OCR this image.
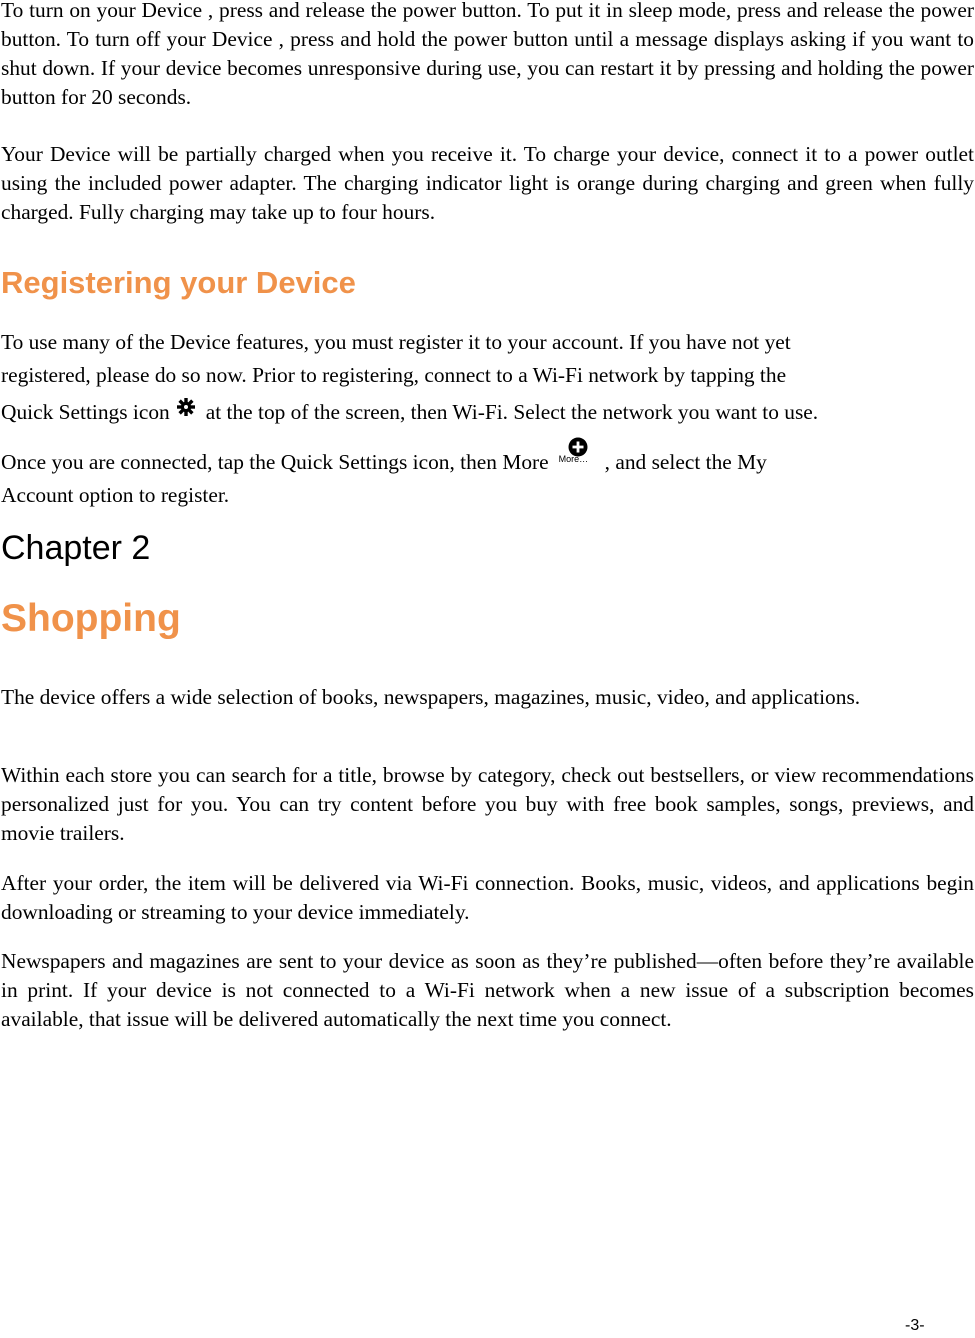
To turn on your Device , press and release the power button. To put it in sleep mode, press and release the power button. To turn off your Device , press and hold the power button until a message displays asking if you want to shut down. If your device becomes unresponsive during use, you can restart it by pressing and holding the power button for 20 seconds.

Your Device will be partially charged when you receive it. To charge your device, connect it to a power outlet using the included power adapter. The charging indicator light is orange during charging and green when fully charged. Fully charging may take up to four hours.

Registering your Device
To use many of the Device features, you must register it to your account. If you have not yet
registered, please do so now. Prior to registering, connect to a Wi-Fi network by tapping the
Quick Settings icon at the top of the screen, then Wi-Fi. Select the network you want to use.
Once you are connected, tap the Quick Settings icon, then More More… , and select the My
Account option to register.
Chapter 2
Shopping

The device offers a wide selection of books, newspapers, magazines, music, video, and applications.

Within each store you can search for a title, browse by category, check out bestsellers, or view recommendations personalized just for you. You can try content before you buy with free book samples, songs, previews, and movie trailers.

After your order, the item will be delivered via Wi-Fi connection. Books, music, videos, and applications begin downloading or streaming to your device immediately.

Newspapers and magazines are sent to your device as soon as they’re published—often before they’re available in print. If your device is not connected to a Wi-Fi network when a new issue of a subscription becomes available, that issue will be delivered automatically the next time you connect.

-3-
